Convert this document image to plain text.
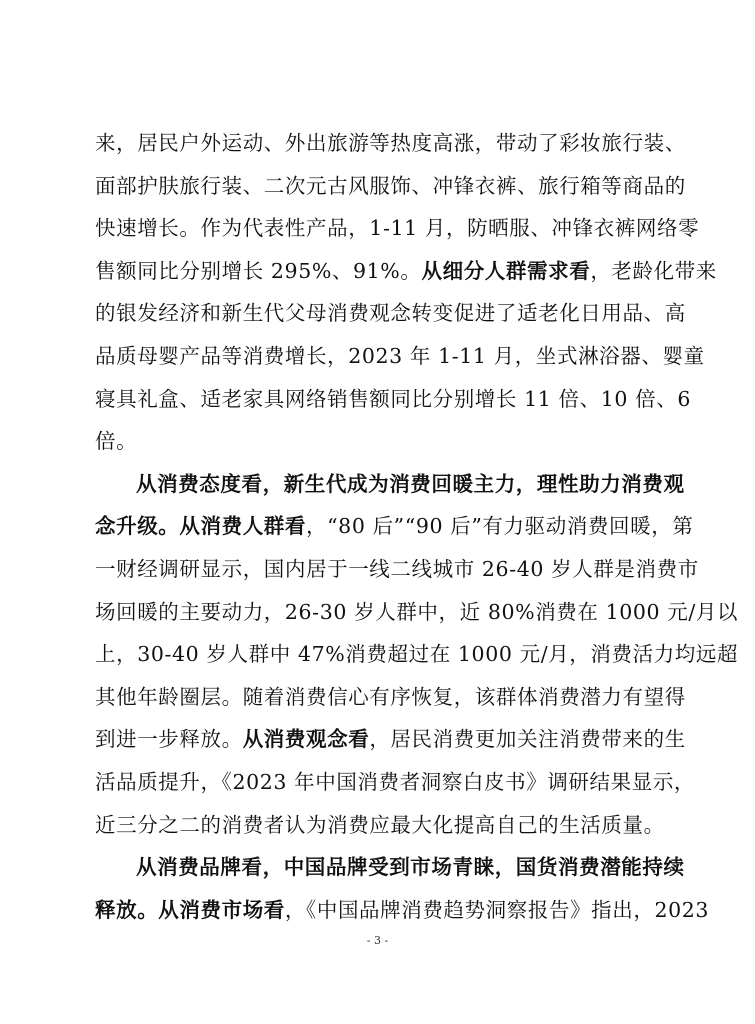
来，居民户外运动、外出旅游等热度高涨，带动了彩妆旅行装、
面部护肤旅行装、二次元古风服饰、冲锋衣裤、旅行箱等商品的
快速增长。作为代表性产品，1-11 月，防晒服、冲锋衣裤网络零
售额同比分别增长 295%、91%。从细分人群需求看，老龄化带来
的银发经济和新生代父母消费观念转变促进了适老化日用品、高
品质母婴产品等消费增长，2023 年 1-11 月，坐式淋浴器、婴童
寝具礼盒、适老家具网络销售额同比分别增长 11 倍、10 倍、6
倍。
从消费态度看，新生代成为消费回暖主力，理性助力消费观
念升级。从消费人群看，“80 后”“90 后”有力驱动消费回暖，第
一财经调研显示，国内居于一线二线城市 26-40 岁人群是消费市
场回暖的主要动力，26-30 岁人群中，近 80%消费在 1000 元/月以
上，30-40 岁人群中 47%消费超过在 1000 元/月，消费活力均远超
其他年龄圈层。随着消费信心有序恢复，该群体消费潜力有望得
到进一步释放。从消费观念看，居民消费更加关注消费带来的生
活品质提升，《2023 年中国消费者洞察白皮书》调研结果显示，
近三分之二的消费者认为消费应最大化提高自己的生活质量。
从消费品牌看，中国品牌受到市场青睐，国货消费潜能持续
释放。从消费市场看，《中国品牌消费趋势洞察报告》指出，2023
- 3 -
